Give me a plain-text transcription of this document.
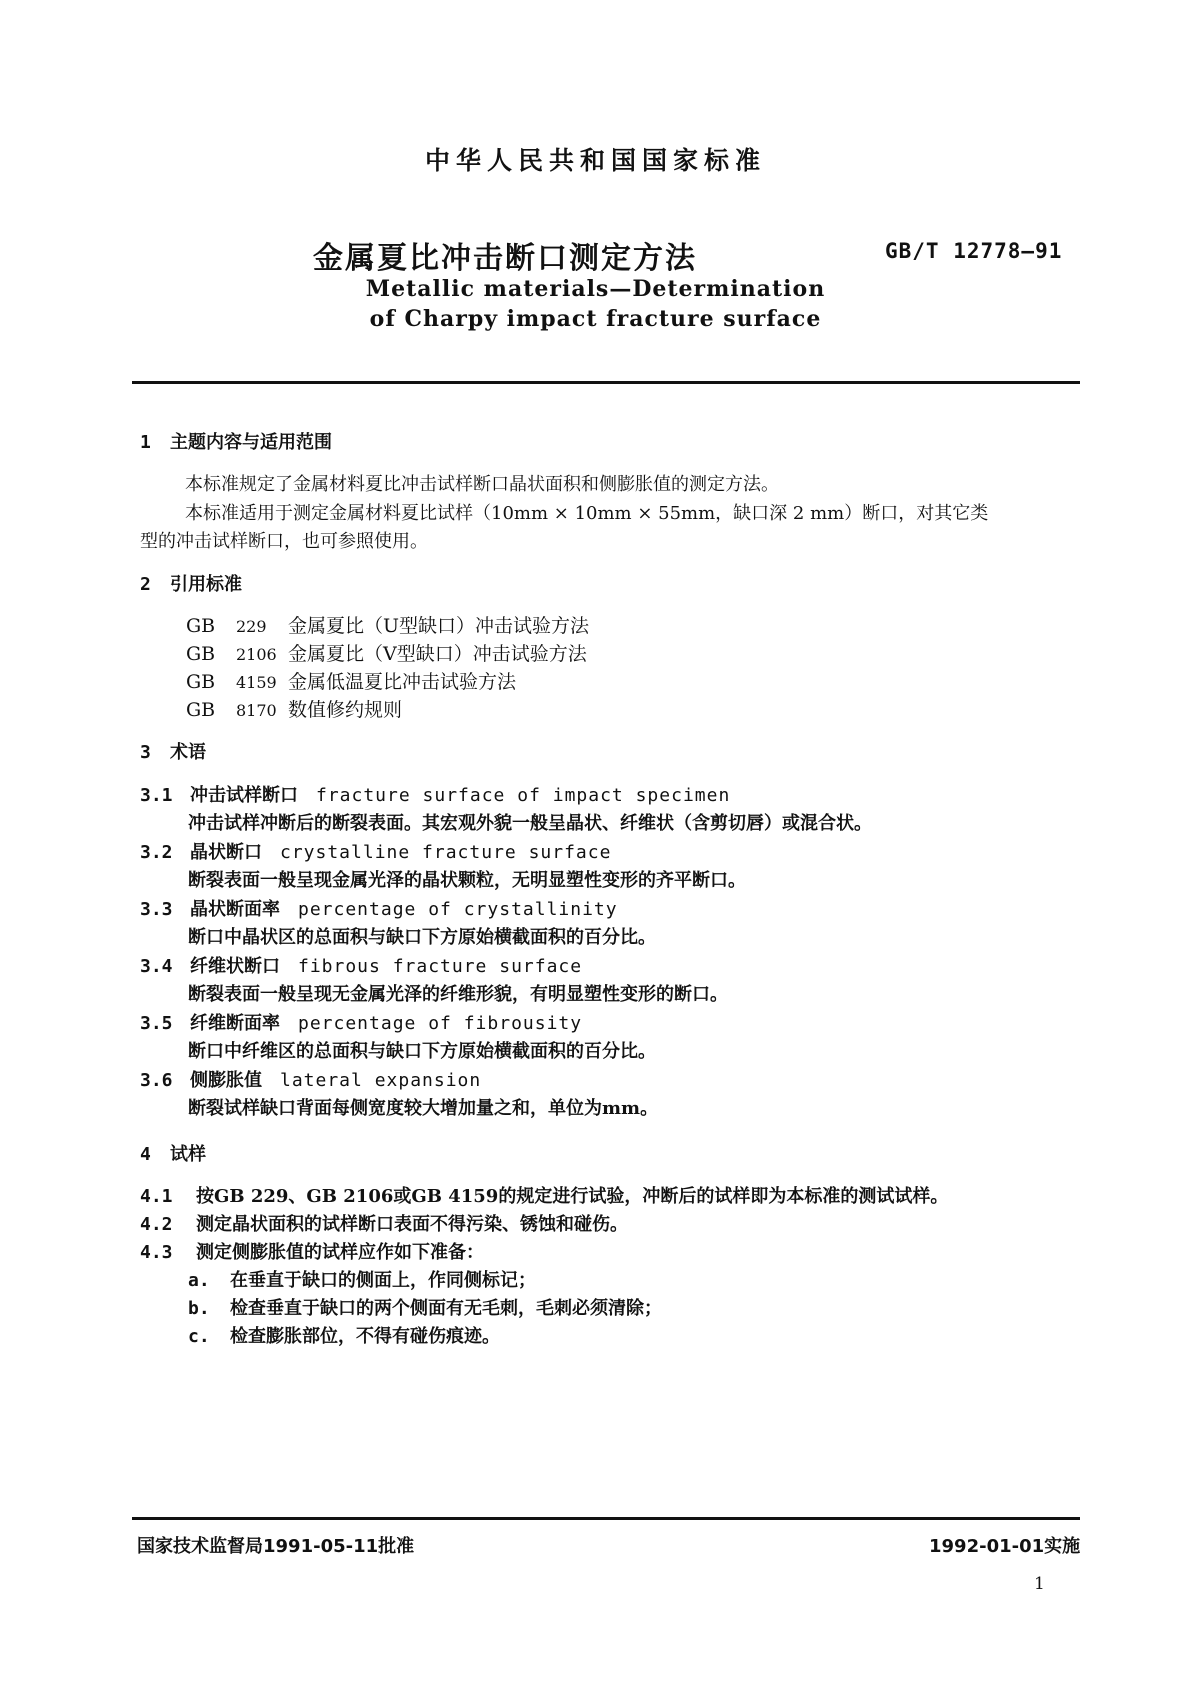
中华人民共和国国家标准
金属夏比冲击断口测定方法	GB/T 12778—91
Metallic materials—Determination
of Charpy impact fracture surface
1 主题内容与适用范围
本标准规定了金属材料夏比冲击试样断口晶状面积和侧膨胀值的测定方法。
本标准适用于测定金属材料夏比试样（10mm × 10mm × 55mm，缺口深 2 mm）断口，对其它类
型的冲击试样断口，也可参照使用。
2 引用标准
GB 229 金属夏比（U型缺口）冲击试验方法
GB 2106 金属夏比（V型缺口）冲击试验方法
GB 4159 金属低温夏比冲击试验方法
GB 8170 数值修约规则
3 术语
3.1 冲击试样断口 fracture surface of impact specimen
冲击试样冲断后的断裂表面。其宏观外貌一般呈晶状、纤维状（含剪切唇）或混合状。
3.2 晶状断口 crystalline fracture surface
断裂表面一般呈现金属光泽的晶状颗粒，无明显塑性变形的齐平断口。
3.3 晶状断面率 percentage of crystallinity
断口中晶状区的总面积与缺口下方原始横截面积的百分比。
3.4 纤维状断口 fibrous fracture surface
断裂表面一般呈现无金属光泽的纤维形貌，有明显塑性变形的断口。
3.5 纤维断面率 percentage of fibrousity
断口中纤维区的总面积与缺口下方原始横截面积的百分比。
3.6 侧膨胀值 lateral expansion
断裂试样缺口背面每侧宽度较大增加量之和，单位为mm。
4 试样
4.1 按GB 229、GB 2106或GB 4159的规定进行试验，冲断后的试样即为本标准的测试试样。
4.2 测定晶状面积的试样断口表面不得污染、锈蚀和碰伤。
4.3 测定侧膨胀值的试样应作如下准备：
a. 在垂直于缺口的侧面上，作同侧标记；
b. 检查垂直于缺口的两个侧面有无毛刺，毛刺必须清除；
c. 检查膨胀部位，不得有碰伤痕迹。
国家技术监督局1991-05-11批准	1992-01-01实施
1
